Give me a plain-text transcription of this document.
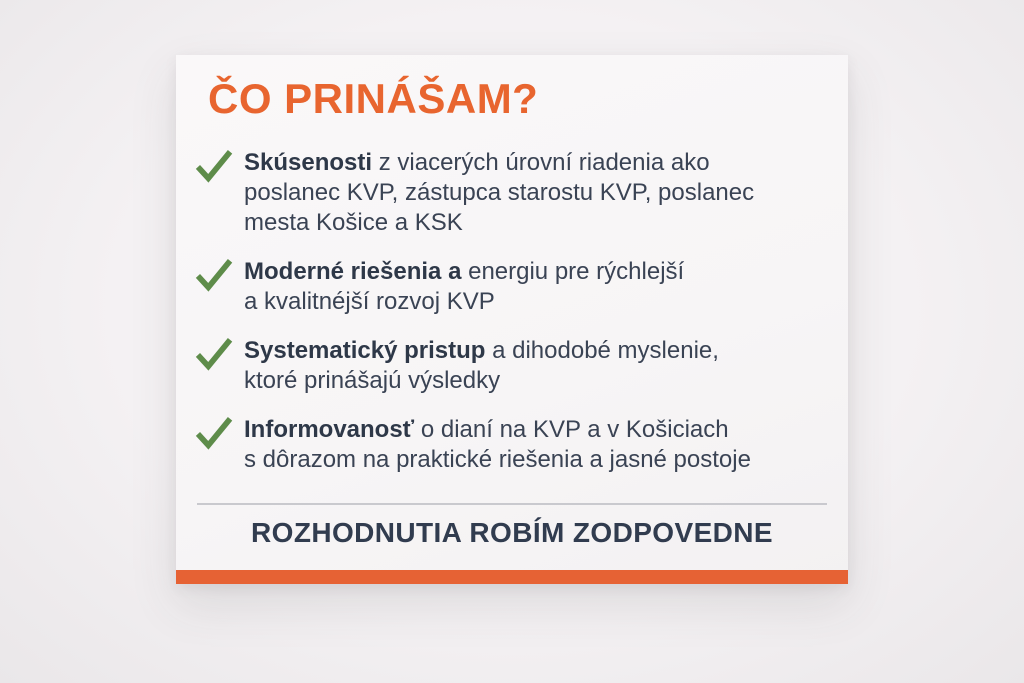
ČO PRINÁŠAM?
Skúsenosti z viacerých úrovní riadenia ako
poslanec KVP, zástupca starostu KVP, poslanec
mesta Košice a KSK
Moderné riešenia a energiu pre rýchlejší
a kvalitnéjší rozvoj KVP
Systematický pristup a dihodobé myslenie,
ktoré prinášajú výsledky
Informovanosť o dianí na KVP a v Košiciach
s dôrazom na praktické riešenia a jasné postoje
ROZHODNUTIA ROBÍM ZODPOVEDNE
